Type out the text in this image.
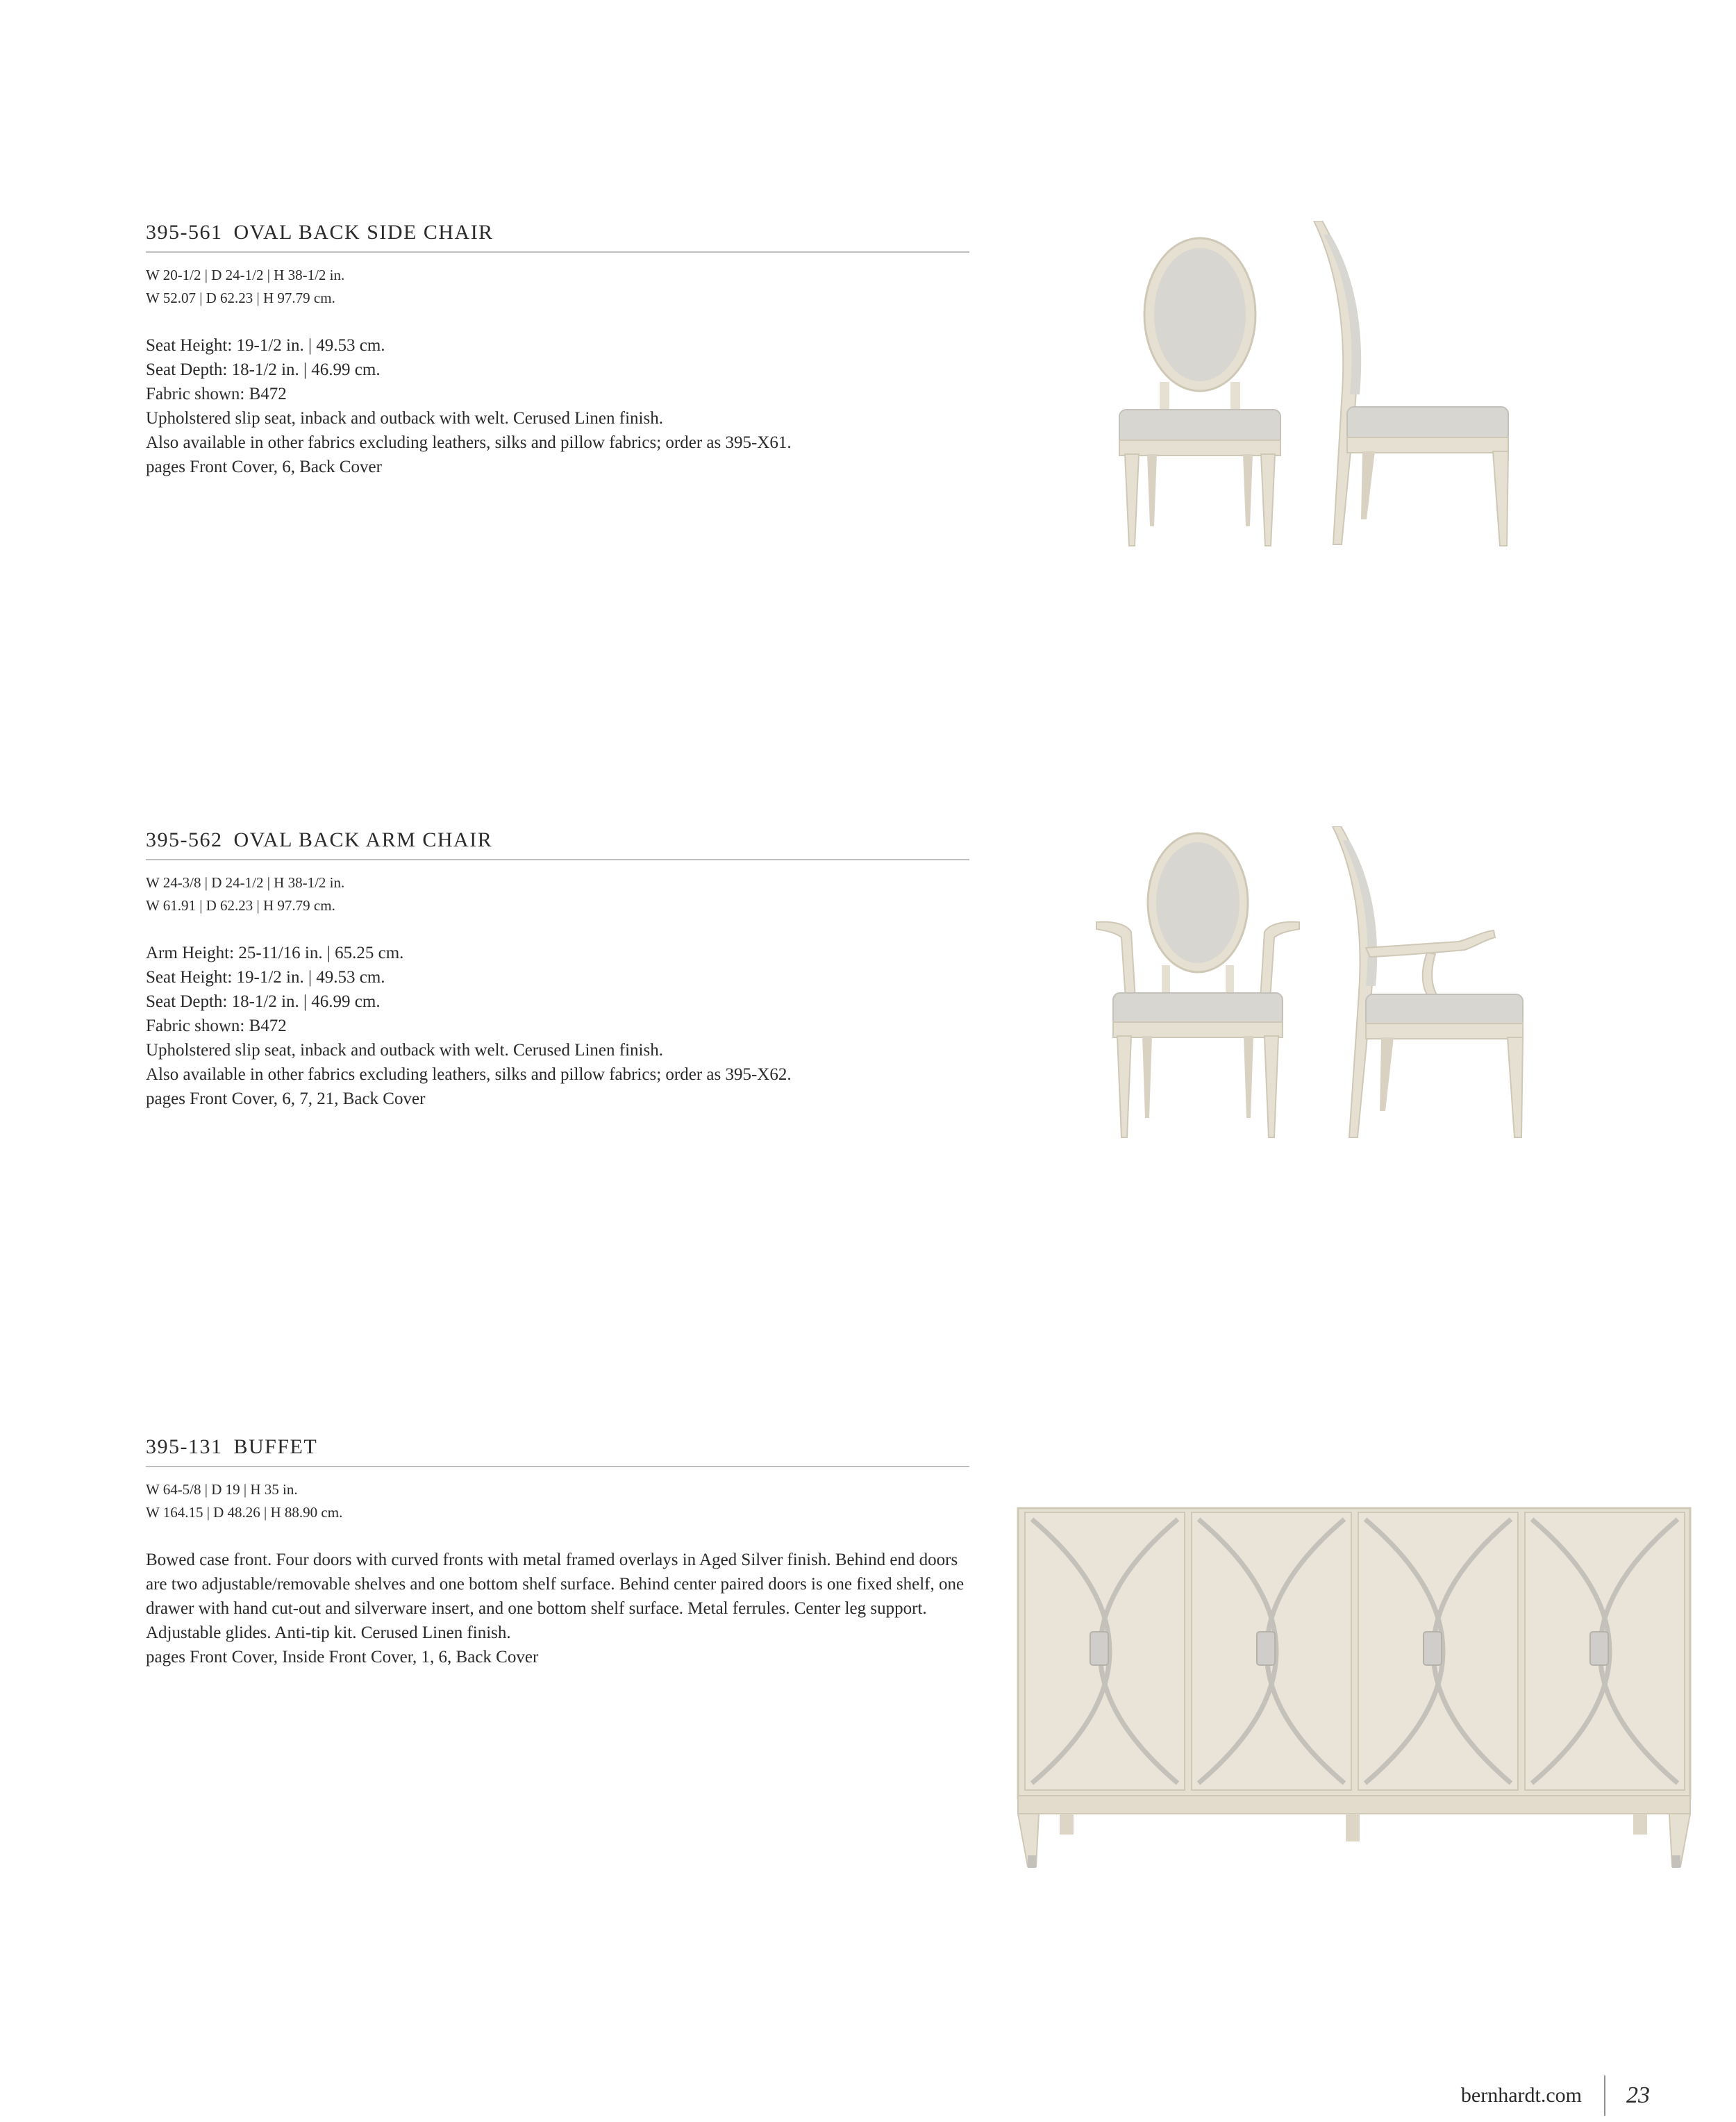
395-561 OVAL BACK SIDE CHAIR
W 20-1/2 | D 24-1/2 | H 38-1/2 in.
W 52.07 | D 62.23 | H 97.79 cm.
Seat Height: 19-1/2 in. | 49.53 cm.
Seat Depth: 18-1/2 in. | 46.99 cm.
Fabric shown: B472
Upholstered slip seat, inback and outback with welt. Cerused Linen finish.
Also available in other fabrics excluding leathers, silks and pillow fabrics; order as 395-X61.
pages Front Cover, 6, Back Cover
395-562 OVAL BACK ARM CHAIR
W 24-3/8 | D 24-1/2 | H 38-1/2 in.
W 61.91 | D 62.23 | H 97.79 cm.
Arm Height: 25-11/16 in. | 65.25 cm.
Seat Height: 19-1/2 in. | 49.53 cm.
Seat Depth: 18-1/2 in. | 46.99 cm.
Fabric shown: B472
Upholstered slip seat, inback and outback with welt. Cerused Linen finish.
Also available in other fabrics excluding leathers, silks and pillow fabrics; order as 395-X62.
pages Front Cover, 6, 7, 21, Back Cover
395-131 BUFFET
W 64-5/8 | D 19 | H 35 in.
W 164.15 | D 48.26 | H 88.90 cm.
Bowed case front. Four doors with curved fronts with metal framed overlays in Aged Silver finish. Behind end doors are two adjustable/removable shelves and one bottom shelf surface. Behind center paired doors is one fixed shelf, one drawer with hand cut-out and silverware insert, and one bottom shelf surface. Metal ferrules. Center leg support. Adjustable glides. Anti-tip kit. Cerused Linen finish.
pages Front Cover, Inside Front Cover, 1, 6, Back Cover
bernhardt.com	23
